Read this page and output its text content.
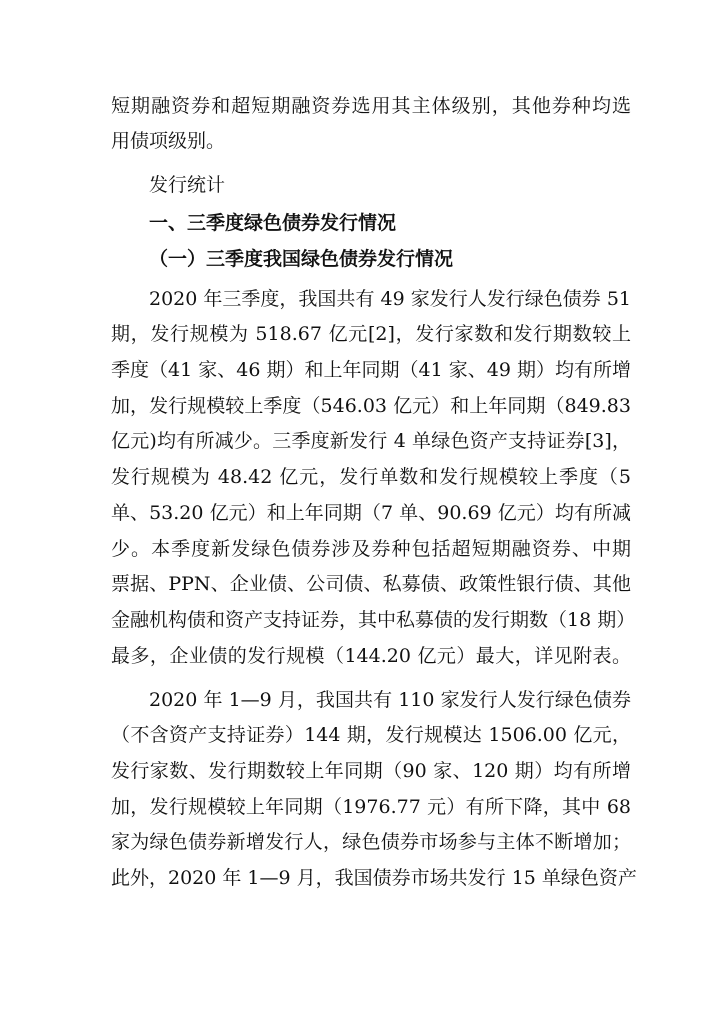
短期融资券和超短期融资券选用其主体级别，其他券种均选
用债项级别。
发行统计
一、三季度绿色债券发行情况
（一）三季度我国绿色债券发行情况
2020 年三季度，我国共有 49 家发行人发行绿色债券 51
期，发行规模为 518.67 亿元[2]，发行家数和发行期数较上
季度（41 家、46 期）和上年同期（41 家、49 期）均有所增
加，发行规模较上季度（546.03 亿元）和上年同期（849.83
亿元)均有所减少。三季度新发行 4 单绿色资产支持证券[3]，
发行规模为 48.42 亿元，发行单数和发行规模较上季度（5
单、53.20 亿元）和上年同期（7 单、90.69 亿元）均有所减
少。本季度新发绿色债券涉及券种包括超短期融资券、中期
票据、PPN、企业债、公司债、私募债、政策性银行债、其他
金融机构债和资产支持证券，其中私募债的发行期数（18 期）
最多，企业债的发行规模（144.20 亿元）最大，详见附表。
2020 年 1—9 月，我国共有 110 家发行人发行绿色债券
（不含资产支持证券）144 期，发行规模达 1506.00 亿元，
发行家数、发行期数较上年同期（90 家、120 期）均有所增
加，发行规模较上年同期（1976.77 元）有所下降，其中 68
家为绿色债券新增发行人，绿色债券市场参与主体不断增加；
此外，2020 年 1—9 月，我国债券市场共发行 15 单绿色资产
